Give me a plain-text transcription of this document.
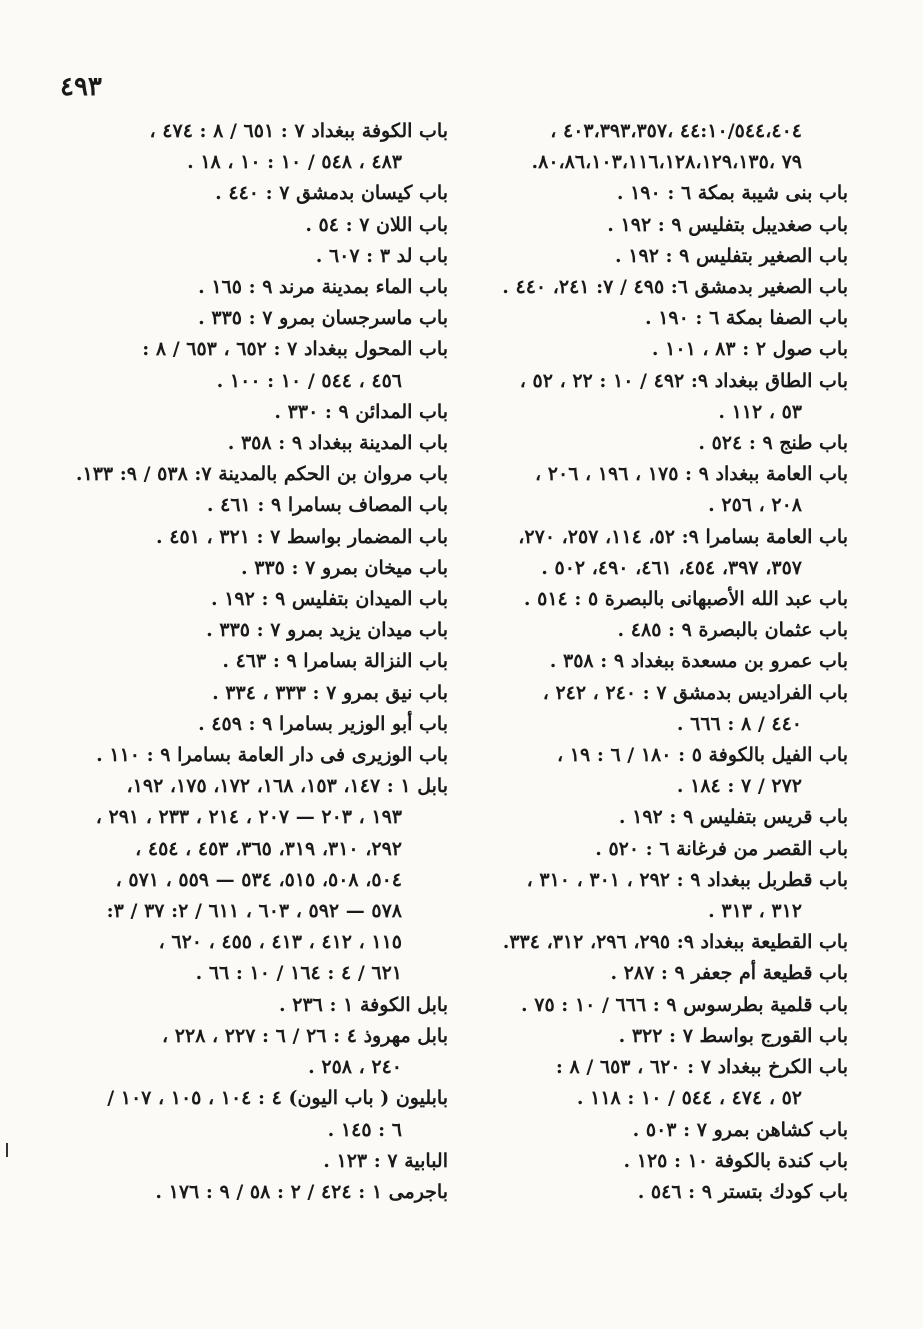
٤٩٣
٤٤:١٠/٥٤٤،٤٠٤ ،٤٠٣،٣٩٣،٣٥٧ ،
٧٩ ،٨٠،٨٦،١٠٣،١١٦،١٢٨،١٢٩،١٣٥.
باب بنى شيبة بمكة ٦ : ١٩٠ .
باب صغديبل بتفليس ٩ : ١٩٢ .
باب الصغير بتفليس ٩ : ١٩٢ .
باب الصغير بدمشق ٦: ٤٩٥ / ٧: ٢٤١، ٤٤٠ .
باب الصفا بمكة ٦ : ١٩٠ .
باب صول ٢ : ٨٣ ، ١٠١ .
باب الطاق ببغداد ٩: ٤٩٢ / ١٠ : ٢٢ ، ٥٢ ،
٥٣ ، ١١٢ .
باب طنج ٩ : ٥٢٤ .
باب العامة ببغداد ٩ : ١٧٥ ، ١٩٦ ، ٢٠٦ ،
٢٠٨ ، ٢٥٦ .
باب العامة بسامرا ٩: ٥٢، ١١٤، ٢٥٧، ٢٧٠،
٣٥٧، ٣٩٧، ٤٥٤، ٤٦١، ٤٩٠، ٥٠٢ .
باب عبد الله الأصبهانى بالبصرة ٥ : ٥١٤ .
باب عثمان بالبصرة ٩ : ٤٨٥ .
باب عمرو بن مسعدة ببغداد ٩ : ٣٥٨ .
باب الفراديس بدمشق ٧ : ٢٤٠ ، ٢٤٢ ،
٤٤٠ / ٨ : ٦٦٦ .
باب الفيل بالكوفة ٥ : ١٨٠ / ٦ : ١٩ ،
٢٧٢ / ٧ : ١٨٤ .
باب قريس بتفليس ٩ : ١٩٢ .
باب القصر من فرغانة ٦ : ٥٢٠ .
باب قطربل ببغداد ٩ : ٢٩٢ ، ٣٠١ ، ٣١٠ ،
٣١٢ ، ٣١٣ .
باب القطيعة ببغداد ٩: ٢٩٥، ٢٩٦، ٣١٢، ٣٣٤.
باب قطيعة أم جعفر ٩ : ٢٨٧ .
باب قلمية بطرسوس ٩ : ٦٦٦ / ١٠ : ٧٥ .
باب القورج بواسط ٧ : ٣٢٢ .
باب الكرخ ببغداد ٧ : ٦٢٠ ، ٦٥٣ / ٨ :
٥٢ ، ٤٧٤ ، ٥٤٤ / ١٠ : ١١٨ .
باب كشاهن بمرو ٧ : ٥٠٣ .
باب كندة بالكوفة ١٠ : ١٢٥ .
باب كودك بتستر ٩ : ٥٤٦ .
باب الكوفة ببغداد ٧ : ٦٥١ / ٨ : ٤٧٤ ،
٤٨٣ ، ٥٤٨ / ١٠ : ١٠ ، ١٨ .
باب كيسان بدمشق ٧ : ٤٤٠ .
باب اللان ٧ : ٥٤ .
باب لد ٣ : ٦٠٧ .
باب الماء بمدينة مرند ٩ : ١٦٥ .
باب ماسرجسان بمرو ٧ : ٣٣٥ .
باب المحول ببغداد ٧ : ٦٥٢ ، ٦٥٣ / ٨ :
٤٥٦ ، ٥٤٤ / ١٠ : ١٠٠ .
باب المدائن ٩ : ٣٣٠ .
باب المدينة ببغداد ٩ : ٣٥٨ .
باب مروان بن الحكم بالمدينة ٧: ٥٣٨ / ٩: ١٣٣.
باب المصاف بسامرا ٩ : ٤٦١ .
باب المضمار بواسط ٧ : ٣٢١ ، ٤٥١ .
باب ميخان بمرو ٧ : ٣٣٥ .
باب الميدان بتفليس ٩ : ١٩٢ .
باب ميدان يزيد بمرو ٧ : ٣٣٥ .
باب النزالة بسامرا ٩ : ٤٦٣ .
باب نيق بمرو ٧ : ٣٣٣ ، ٣٣٤ .
باب أبو الوزير بسامرا ٩ : ٤٥٩ .
باب الوزيرى فى دار العامة بسامرا ٩ : ١١٠ .
بابل ١ : ١٤٧، ١٥٣، ١٦٨، ١٧٢، ١٧٥، ١٩٢،
١٩٣ ، ٢٠٣ — ٢٠٧ ، ٢١٤ ، ٢٣٣ ، ٢٩١ ،
٢٩٢، ٣١٠، ٣١٩، ٣٦٥، ٤٥٣ ، ٤٥٤ ،
٥٠٤، ٥٠٨، ٥١٥، ٥٣٤ — ٥٥٩ ، ٥٧١ ،
٥٧٨ — ٥٩٢ ، ٦٠٣ ، ٦١١ / ٢: ٣٧ / ٣:
١١٥ ، ٤١٢ ، ٤١٣ ، ٤٥٥ ، ٦٢٠ ،
٦٢١ / ٤ : ١٦٤ / ١٠ : ٦٦ .
بابل الكوفة ١ : ٢٣٦ .
بابل مهروذ ٤ : ٢٦ / ٦ : ٢٢٧ ، ٢٢٨ ،
٢٤٠ ، ٢٥٨ .
بابليون ( باب اليون) ٤ : ١٠٤ ، ١٠٥ ، ١٠٧ /
٦ : ١٤٥ .
البابية ٧ : ١٢٣ .
باجرمى ١ : ٤٢٤ / ٢ : ٥٨ / ٩ : ١٧٦ .
